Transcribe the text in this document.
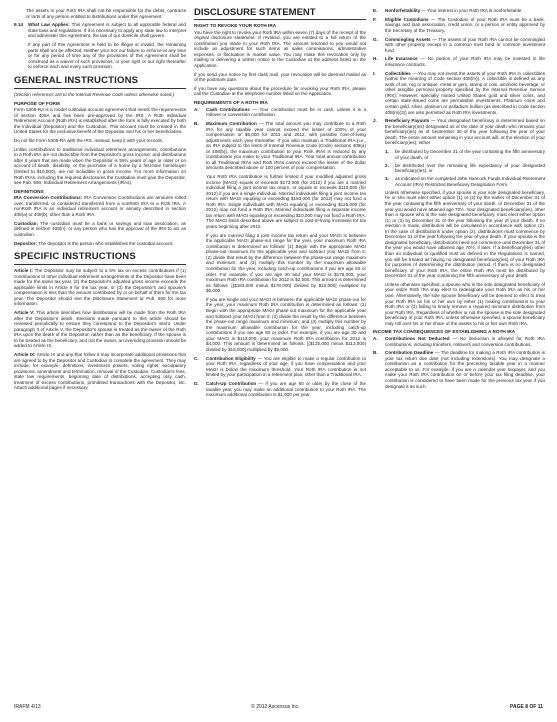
The assets in your Roth IRA shall not be responsible for the debts, contracts or torts of any person entitled to distributions under this Agreement.

9.14	What Law Applies: This Agreement is subject to all applicable federal and state laws and regulations. If it is necessary to apply any state law to interpret and administer this Agreement, the law of our domicile shall govern.

If any part of this Agreement is held to be illegal or invalid, the remaining parts shall not be affected. Neither your nor our failure to enforce at any time or for any period of time any of the provisions of this Agreement shall be construed as a waiver of such provisions, or your right or our right thereafter to enforce each and every such provision.

GENERAL INSTRUCTIONS

(Section references are to the Internal Revenue Code unless otherwise noted.)

PURPOSE OF FORM

Form 5305-RA is a model custodial account agreement that meets the requirements of section 408A and has been pre-approved by the IRS. A Roth individual Retirement Account (Roth IRA) is established after the form is fully executed by both the individual (Depositor) and the Custodian. This account must be created in the United States for the exclusive benefit of the Depositor and his or her beneficiaries.

Do not file Form 5305-RA with the IRS. Instead, keep it with your records.

Unlike contributions to traditional individual retirement arrangements, contributions to a Roth IRA are not deductible from the Depositor's gross income; and distributions after 5 years that are made when the Depositor is 59½ years of age or older or on account of death, disability, or the purchase of a home by a first-time homebuyer (limited to $10,000), are not includible in gross income. For more information on Roth IRAs, including the required disclosures the Custodian must give the Depositor, see Pub. 590, Individual Retirement Arrangements (IRAs).

DEFINITIONS

IRA Conversion Contributions: IRA Conversion Contributions are amounts rolled over, transferred, or considered transferred from a nonRoth IRA to a Roth IRA. A nonRoth IRA is an individual retirement account or annuity described in section 408(a) or 408(b), other than a Roth IRA.

Custodian: The custodian must be a bank or savings and loan association, as defined in section 408(n), or any person who has the approval of the IRS to act as custodian.

Depositor: The depositor is the person who establishes the custodial account.

SPECIFIC INSTRUCTIONS

Article I: The Depositor may be subject to a 6% tax on excess contributions if (1) contributions to other individual retirement arrangements of the Depositor have been made for the same tax year, (2) the Depositor's adjusted gross income exceeds the applicable limits in Article II for the tax year, or (3) the Depositor's and spouse's compensation is less than the amount contributed by or on behalf of them for the tax year. The Depositor should see the Disclosure Statement or Pub. 590 for more information.

Article V: This article describes how distributions will be made from the Roth IRA after the Depositor's death. Elections made pursuant to this article should be reviewed periodically to ensure they correspond to the Depositor's intent. Under paragraph 3 of Article V, the Depositor's spouse is treated as the owner of the Roth IRA upon the death of the Depositor, rather than as the beneficiary. If the spouse is to be treated as the beneficiary, and not the owner, an overriding provision should be added to Article IX.

Article IX: Article IX and any that follow it may incorporate additional provisions that are agreed to by the Depositor and Custodian to complete the agreement. They may include, for example, definitions, investment powers, voting rights, exculpatory provisions, amendment and termination, removal of the Custodian, Custodian's fees, state law requirements, beginning date of distributions, accepting only cash, treatment of excess contributions, prohibited transactions with the Depositor, etc. Attach additional pages if necessary.

DISCLOSURE STATEMENT
RIGHT TO REVOKE YOUR ROTH IRA

You have the right to revoke your Roth IRA within seven (7) days of the receipt of the original disclosure statement. If revoked, you are entitled to a full return of the contribution you made to your Roth IRA. The amount returned to you would not include an adjustment for such items as sales commissions, administrative expenses, or fluctuation in market value. You may make this revocation only by mailing or delivering a written notice to the Custodian at the address listed on the Application.

If you send your notice by first class mail, your revocation will be deemed mailed as of the postmark date.

If you have any questions about the procedure for revoking your Roth IRA, please call the Custodian at the telephone number listed on the Application.

REQUIREMENTS OF A ROTH IRA
A.	Cash Contributions — Your contribution must be in cash, unless it is a rollover or conversion contribution.
B.	Maximum Contribution — The total amount you may contribute to a Roth IRA for any taxable year cannot exceed the lesser of 100% of your compensation or $5,000 for 2011 and 2012, with possible cost-of-living adjustments each year thereafter. If you also maintain a Traditional IRA (i.e., an IRA subject to the limits of Internal Revenue Code (Code) sections 408(a) or 408(b)), the maximum contribution to your Roth IRAs is reduced by any contributions you make to your Traditional IRA. Your total annual contribution to all Traditional IRAs and Roth IRAs cannot exceed the lesser of the dollar amounts described above or 100 percent of your compensation.

Your Roth IRA contribution is further limited if your modified adjusted gross income (MAGI) equals or exceeds $173,000 (for 2012) if you are a married individual filing a joint income tax return, or equals or exceeds $110,000 (for 2012) if you are a single individual. Married individuals filing a joint income tax return with MAGI equaling or exceeding $183,000 (for 2012) may not fund a Roth IRA. Single individuals with MAGI equaling or exceeding $125,000 (for 2012) may not fund a Roth IRA. Married individuals filing a separate income tax return with MAGI equaling or exceeding $10,000 may not fund a Roth IRA. The MAGI limits described above are subject to cost-of-living increases for tax years beginning after 2012.

If you are married filing a joint income tax return and your MAGI is between the applicable MAGI phase-out range for the year, your maximum Roth IRA contribution is determined as follows: (1) Begin with the appropriate MAGI phase-out maximum for the applicable year and subtract your MAGI from it; (2) divide that result by the difference between the phase-out range maximum and minimum; and (3) multiply this number by the maximum allowable contribution for the year, including catch-up contributions if you are age 50 or older. For example, if you are age 30 and your MAGI is $178,000, your maximum Roth IRA contribution for 2012 is $2,500. This amount is determined as follows: [($183,000 minus $178,000) divided by $10,000] multiplied by $5,000.

If you are single and your MAGI is between the applicable MAGI phase-out for the year, your maximum Roth IRA contribution is determined as follows: (1) Begin with the appropriate MAGI phase-out maximum for the applicable year and subtract your MAGI from it; (2) divide the result by the difference between the phase-out range maximum and minimum; and (3) multiply this number by the maximum allowable contribution for the year, including catch-up contributions if you are age 50 or older. For example, if you are age 30 and your MAGI is $113,000, your maximum Roth IRA contribution for 2012 is $4,000. This amount is determined as follows: [($125,000 minus $113,000) divided by $15,000] multiplied by $5,000.

C.	Contribution Eligibility — You are eligible to make a regular contribution to your Roth IRA, regardless of your age, if you have compensation and your MAGI is below the maximum threshold. Your Roth IRA contribution is not limited by your participation in a retirement plan, other than a Traditional IRA.
D.	Catch-Up Contribution — If you are age 50 or older by the close of the taxable year, you may make an additional contribution to your Roth IRA. The maximum additional contribution is $1,000 per year.
E.	Nonforfeitability — Your interest in your Roth IRA is nonforfeitable.
F.	Eligible Custodians — The Custodian of your Roth IRA must be a bank, savings and loan association, credit union, or a person or entity approved by the Secretary of the Treasury.
G.	Commingling Assets — The assets of your Roth IRA cannot be commingled with other property except in a common trust fund or common investment fund.
H.	Life Insurance — No portion of your Roth IRA may be invested in life insurance contracts.
I.	Collectibles — You may not invest the assets of your Roth IRA in collectibles (within the meaning of Code section 408(m)). A collectible is defined as any work of art, rug or antique, metal or gem, stamp or coin, alcoholic beverage, or other tangible personal property specified by the Internal Revenue Service (IRS). However, specially minted United States gold and silver coins, and certain state-issued coins are permissible investments. Platinum coins and certain gold, silver, platinum or palladium bullion (as described in Code section 408(m)(3)) are also permitted as Roth IRA investments.
J.	Beneficiary Payouts — Your designated beneficiary is determined based on the beneficiary(ies) designated as of the date of your death who remains your beneficiary(ies) as of September 30 of the year following the year of your death. The entire amount remaining in your account will, at the election of your beneficiary(ies), either
1.	be distributed by December 31 of the year containing the fifth anniversary of your death, or
2.	be distributed over the remaining life expectancy of your designated beneficiary(ies), or
3.	as indicated on the completed John Hancock Funds Individual Retirement Account (IRA) Restricted Beneficiary Designation Form.

Unless otherwise specified, if your spouse is your sole designated beneficiary, he or she must elect either option (1) or (2) by the earlier of December 31 of the year containing the fifth anniversary of your death, or December 31 of the year you would have attained age 70½. Your designated beneficiary(ies), other than a spouse who is the sole designated beneficiary, must elect either option (1) or (2) by December 31 of the year following the year of your death. If no election is made, distribution will be calculated in accordance with option (2). In the case of distributions under option (2), distributions must commence by December 31 of the year following the year of your death. If your spouse is the designated beneficiary, distributions need not commence until December 31 of the year you would have attained age 70½, if later. If a beneficiary(ies) other than an individual or qualified trust as defined in the Regulations is named, you will be treated as having no designated beneficiary(ies) of your Roth IRA for purposes of determining the distribution period. If there is no designated beneficiary of your Roth IRA, the entire Roth IRA must be distributed by December 31 of the year containing the fifth anniversary of your death.

Unless otherwise specified, a spouse who is the sole designated beneficiary of your entire Roth IRA may elect to redesignate your Roth IRA as his or her own. Alternatively, the sole spouse beneficiary will be deemed to elect to treat your Roth IRA as his or her own by either (1) making contributions to your Roth IRA or (2) failing to timely remove a required minimum distribution from your Roth IRA. Regardless of whether or not the spouse is the sole designated beneficiary of your Roth IRA, unless otherwise specified, a spouse beneficiary may roll over his or her share of the assets to his or her own Roth IRA.

INCOME TAX CONSEQUENCES OF ESTABLISHING A ROTH IRA
A.	Contributions Not Deducted — No deduction is allowed for Roth IRA contributions, including transfers, rollovers and conversion contributions.
B.	Contribution Deadline — The deadline for making a Roth IRA contribution is your tax return due date (not including extensions). You may designate a contribution as a contribution for the preceding taxable year in a manner acceptable to us. For example, if you are a calendar year taxpayer, and you make your Roth IRA contribution on or before your tax filing deadline, your contribution is considered to have been made for the previous tax year if you designate it as such.
IRAFM 4/13	© 2012 Ascensus Inc.	PAGE 8 OF 11
